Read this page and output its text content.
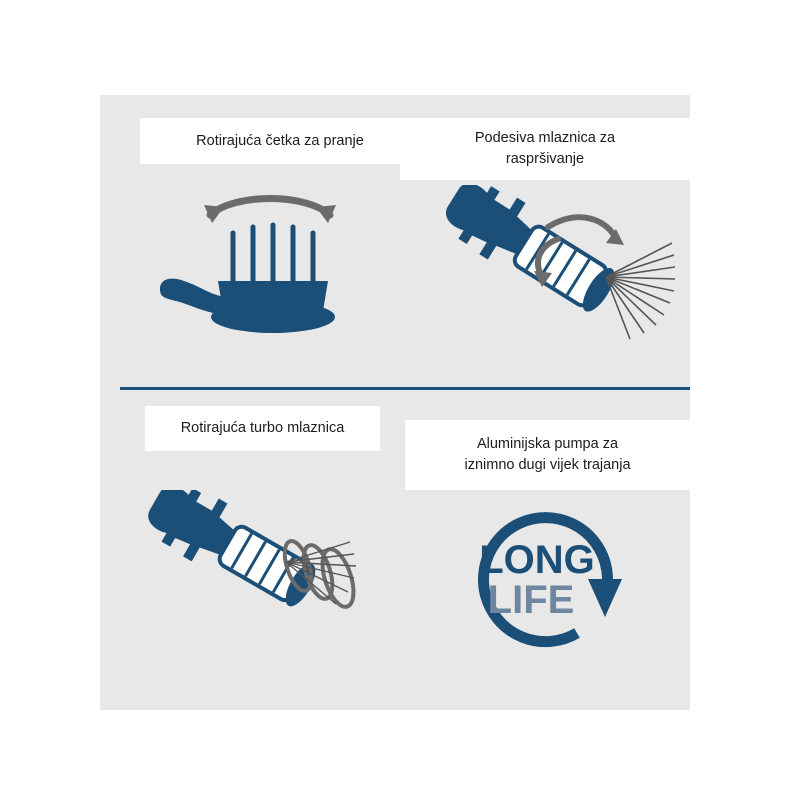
Rotirajuća četka za pranje	Podesiva mlaznica za
raspršivanje
Rotirajuća turbo mlaznica
Aluminijska pumpa za
iznimno dugi vijek trajanja
LONG
LIFE
